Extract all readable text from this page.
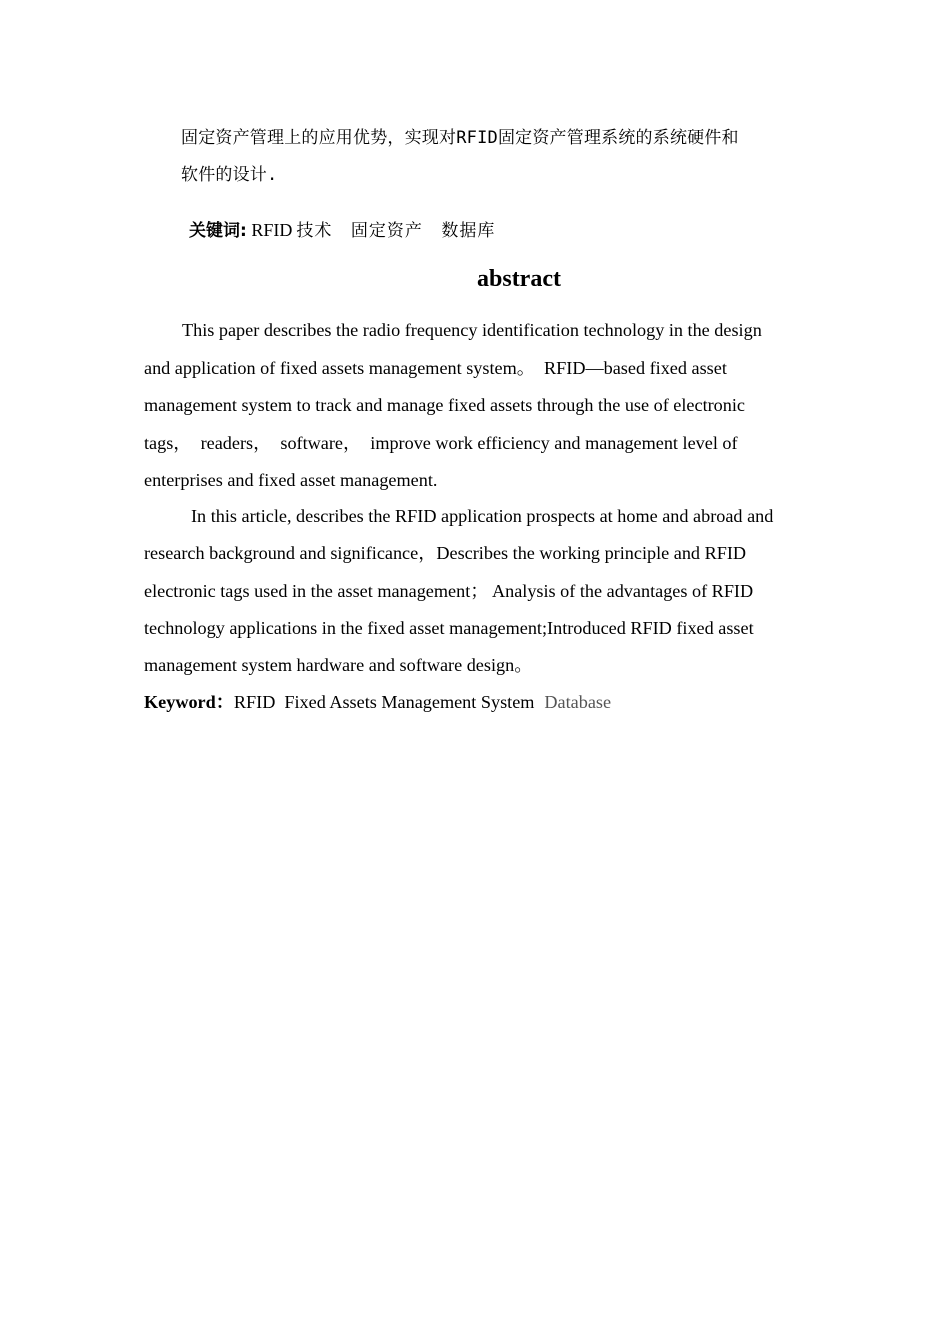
固定资产管理上的应用优势，实现对RFID固定资产管理系统的系统硬件和
软件的设计.
关键词: RFID 技术 固定资产 数据库
abstract
This paper describes the radio frequency identification technology in the design
and application of fixed assets management system。  RFID—based fixed asset
management system to track and manage fixed assets through the use of electronic
tags，  readers，  software，  improve work efficiency and management level of
enterprises and fixed asset management.
In this article, describes the RFID application prospects at home and abroad and
research background and significance，Describes the working principle and RFID
electronic tags used in the asset management； Analysis of the advantages of RFID
technology applications in the fixed asset management;Introduced RFID fixed asset
management system hardware and software design。
Keyword：RFID Fixed Assets Management System Database
